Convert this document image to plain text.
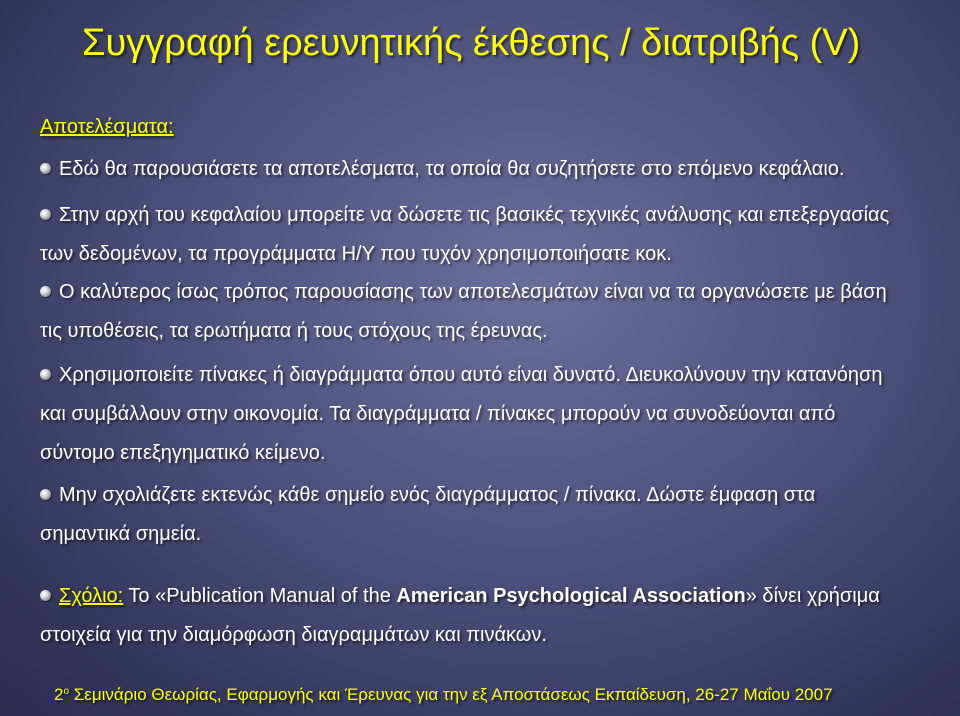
Συγγραφή ερευνητικής έκθεσης / διατριβής (V)
Αποτελέσματα:
Εδώ θα παρουσιάσετε τα αποτελέσματα, τα οποία θα συζητήσετε στο επόμενο κεφάλαιο.
Στην αρχή του κεφαλαίου μπορείτε να δώσετε τις βασικές τεχνικές ανάλυσης και επεξεργασίας
των δεδομένων, τα προγράμματα Η/Υ που τυχόν χρησιμοποιήσατε κοκ.
Ο καλύτερος ίσως τρόπος παρουσίασης των αποτελεσμάτων είναι να τα οργανώσετε με βάση
τις υποθέσεις, τα ερωτήματα ή τους στόχους της έρευνας.
Χρησιμοποιείτε πίνακες ή διαγράμματα όπου αυτό είναι δυνατό. Διευκολύνουν την κατανόηση
και συμβάλλουν στην οικονομία. Τα διαγράμματα / πίνακες μπορούν να συνοδεύονται από
σύντομο επεξηγηματικό κείμενο.
Μην σχολιάζετε εκτενώς κάθε σημείο ενός διαγράμματος / πίνακα. Δώστε έμφαση στα
σημαντικά σημεία.
Σχόλιο: Το «Publication Manual of the American Psychological Association» δίνει χρήσιμα
στοιχεία για την διαμόρφωση διαγραμμάτων και πινάκων.
$2^o$ Σεμινάριο Θεωρίας, Εφαρμογής και Έρευνας για την εξ Αποστάσεως Εκπαίδευση, 26-27 Μαΐου 2007
